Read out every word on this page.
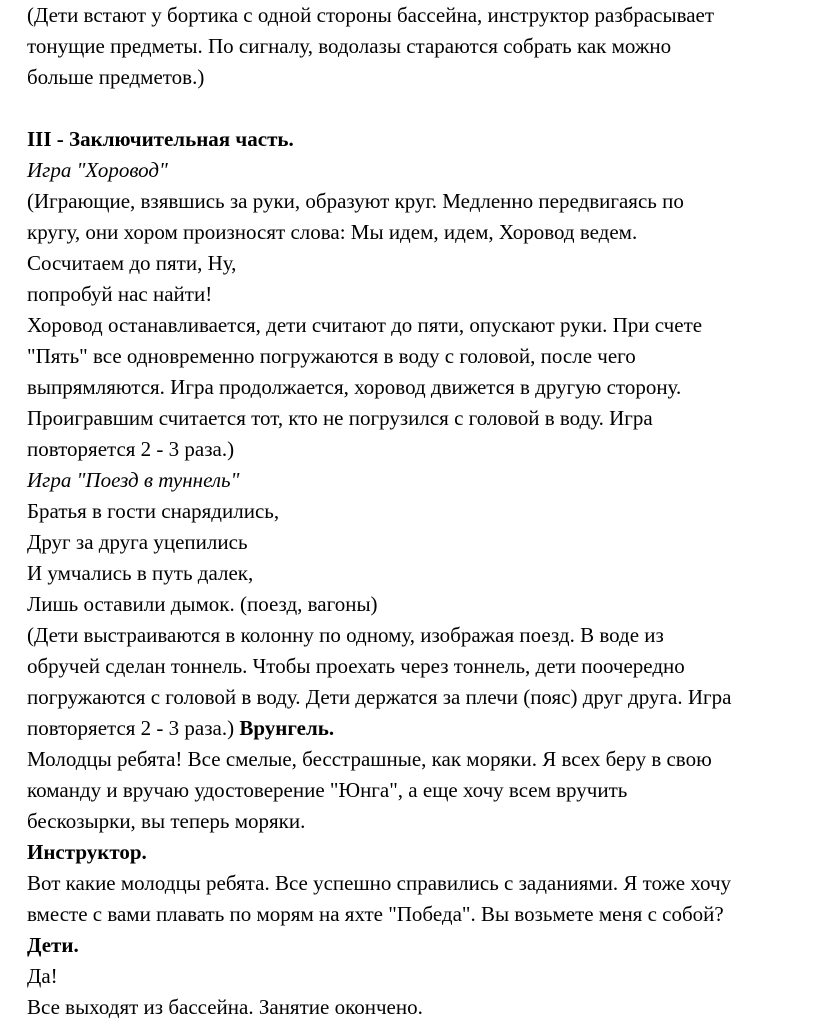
(Дети встают у бортика с одной стороны бассейна, инструктор разбрасывает
тонущие предметы. По сигналу, водолазы стараются собрать как можно
больше предметов.)
III - Заключительная часть.
Игра "Хоровод"
(Играющие, взявшись за руки, образуют круг. Медленно передвигаясь по
кругу, они хором произносят слова: Мы идем, идем, Хоровод ведем.
Сосчитаем до пяти, Ну,
попробуй нас найти!
Хоровод останавливается, дети считают до пяти, опускают руки. При счете
"Пять" все одновременно погружаются в воду с головой, после чего
выпрямляются. Игра продолжается, хоровод движется в другую сторону.
Проигравшим считается тот, кто не погрузился с головой в воду. Игра
повторяется 2 - 3 раза.)
Игра "Поезд в туннель"
Братья в гости снарядились,
Друг за друга уцепились
И умчались в путь далек,
Лишь оставили дымок. (поезд, вагоны)
(Дети выстраиваются в колонну по одному, изображая поезд. В воде из
обручей сделан тоннель. Чтобы проехать через тоннель, дети поочередно
погружаются с головой в воду. Дети держатся за плечи (пояс) друг друга. Игра
повторяется 2 - 3 раза.) Врунгель.
Молодцы ребята! Все смелые, бесстрашные, как моряки. Я всех беру в свою
команду и вручаю удостоверение "Юнга", а еще хочу всем вручить
бескозырки, вы теперь моряки.
Инструктор.
Вот какие молодцы ребята. Все успешно справились с заданиями. Я тоже хочу
вместе с вами плавать по морям на яхте "Победа". Вы возьмете меня с собой?
Дети.
Да!
Все выходят из бассейна. Занятие окончено.
